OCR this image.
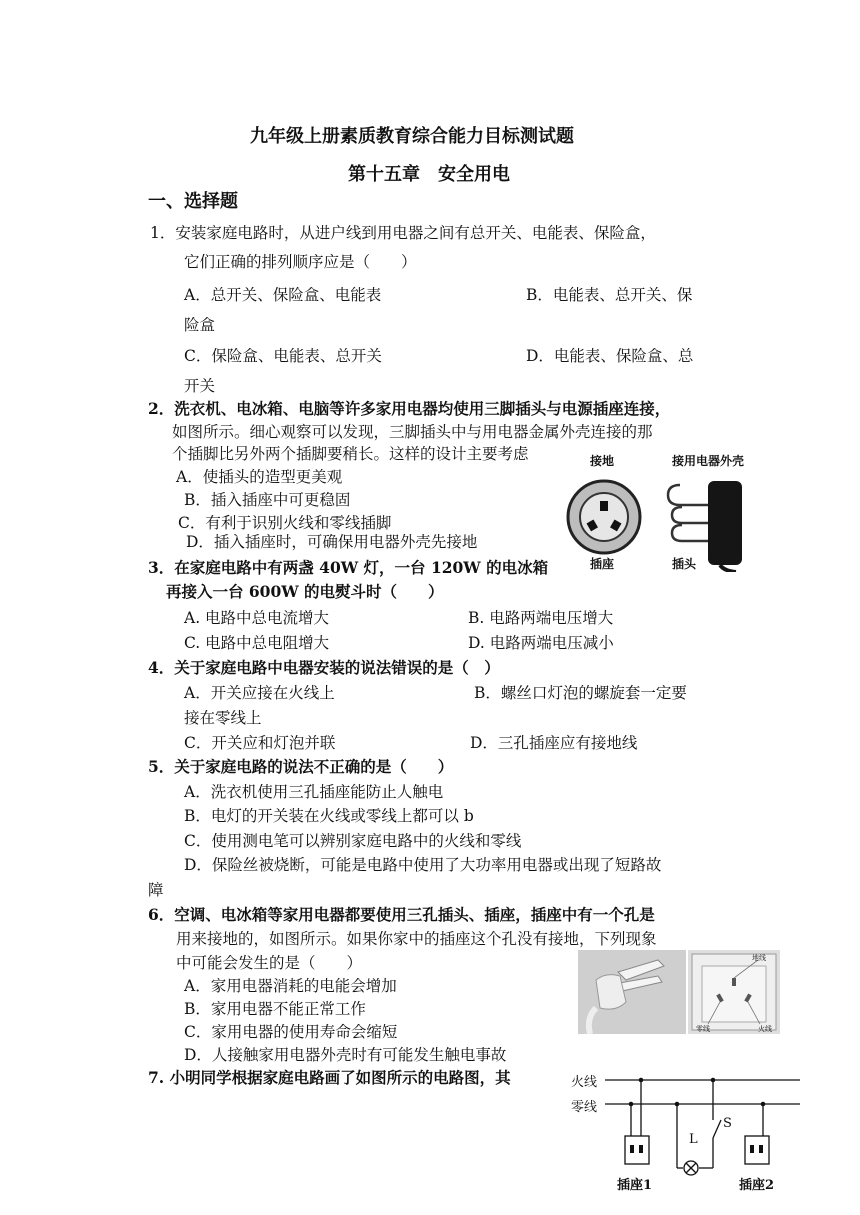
九年级上册素质教育综合能力目标测试题
第十五章　安全用电
一、选择题
1．安装家庭电路时，从进户线到用电器之间有总开关、电能表、保险盒，
它们正确的排列顺序应是（　　）
A．总开关、保险盒、电能表	B．电能表、总开关、保
险盒
C．保险盒、电能表、总开关	D．电能表、保险盒、总
开关
2．洗衣机、电冰箱、电脑等许多家用电器均使用三脚插头与电源插座连接，
如图所示。细心观察可以发现，三脚插头中与用电器金属外壳连接的那
个插脚比另外两个插脚要稍长。这样的设计主要考虑
A．使插头的造型更美观
B．插入插座中可更稳固
C．有利于识别火线和零线插脚
D．插入插座时，可确保用电器外壳先接地
接地	接用电器外壳
插座	插头
3．在家庭电路中有两盏 40W 灯，一台 120W 的电冰箱
再接入一台 600W 的电熨斗时（　　）
A. 电路中总电流增大	B. 电路两端电压增大
C. 电路中总电阻增大	D. 电路两端电压减小
4．关于家庭电路中电器安装的说法错误的是（　）
A．开关应接在火线上	B．螺丝口灯泡的螺旋套一定要
接在零线上
C．开关应和灯泡并联	D．三孔插座应有接地线
5．关于家庭电路的说法不正确的是（　　）
A．洗衣机使用三孔插座能防止人触电
B．电灯的开关装在火线或零线上都可以 b
C．使用测电笔可以辨别家庭电路中的火线和零线
D．保险丝被烧断，可能是电路中使用了大功率用电器或出现了短路故
障
6．空调、电冰箱等家用电器都要使用三孔插头、插座，插座中有一个孔是
用来接地的，如图所示。如果你家中的插座这个孔没有接地，下列现象
中可能会发生的是（　　）
A．家用电器消耗的电能会增加
B．家用电器不能正常工作
C．家用电器的使用寿命会缩短
D．人接触家用电器外壳时有可能发生触电事故
地线
零线	火线
7. 小明同学根据家庭电路画了如图所示的电路图，其	火线
零线
L
S
插座1	插座2
